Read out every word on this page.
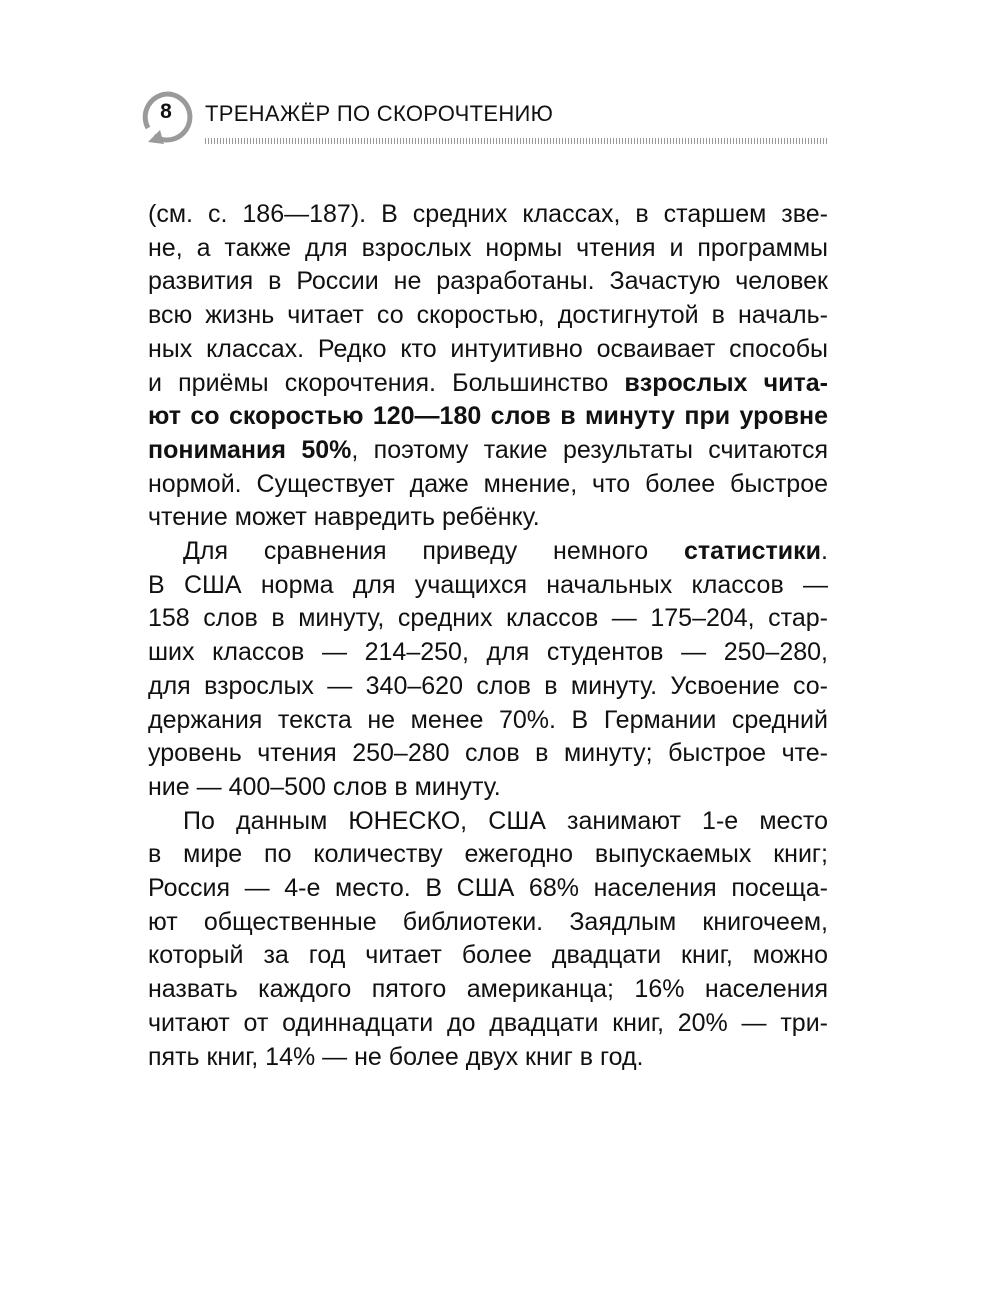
8	ТРЕНАЖЁР ПО СКОРОЧТЕНИЮ
(см. с. 186—187). В средних классах, в старшем зве-
не, а также для взрослых нормы чтения и программы
развития в России не разработаны. Зачастую человек
всю жизнь читает со скоростью, достигнутой в началь-
ных классах. Редко кто интуитивно осваивает способы
и приёмы скорочтения. Большинство взрослых чита-
ют со скоростью 120—180 слов в минуту при уровне
понимания 50%, поэтому такие результаты считаются
нормой. Существует даже мнение, что более быстрое
чтение может навредить ребёнку.
Для сравнения приведу немного статистики.
В США норма для учащихся начальных классов —
158 слов в минуту, средних классов — 175–204, стар-
ших классов — 214–250, для студентов — 250–280,
для взрослых — 340–620 слов в минуту. Усвоение со-
держания текста не менее 70%. В Германии средний
уровень чтения 250–280 слов в минуту; быстрое чте-
ние — 400–500 слов в минуту.
По данным ЮНЕСКО, США занимают 1-е место
в мире по количеству ежегодно выпускаемых книг;
Россия — 4-е место. В США 68% населения посеща-
ют общественные библиотеки. Заядлым книгочеем,
который за год читает более двадцати книг, можно
назвать каждого пятого американца; 16% населения
читают от одиннадцати до двадцати книг, 20% — три-
пять книг, 14% — не более двух книг в год.
